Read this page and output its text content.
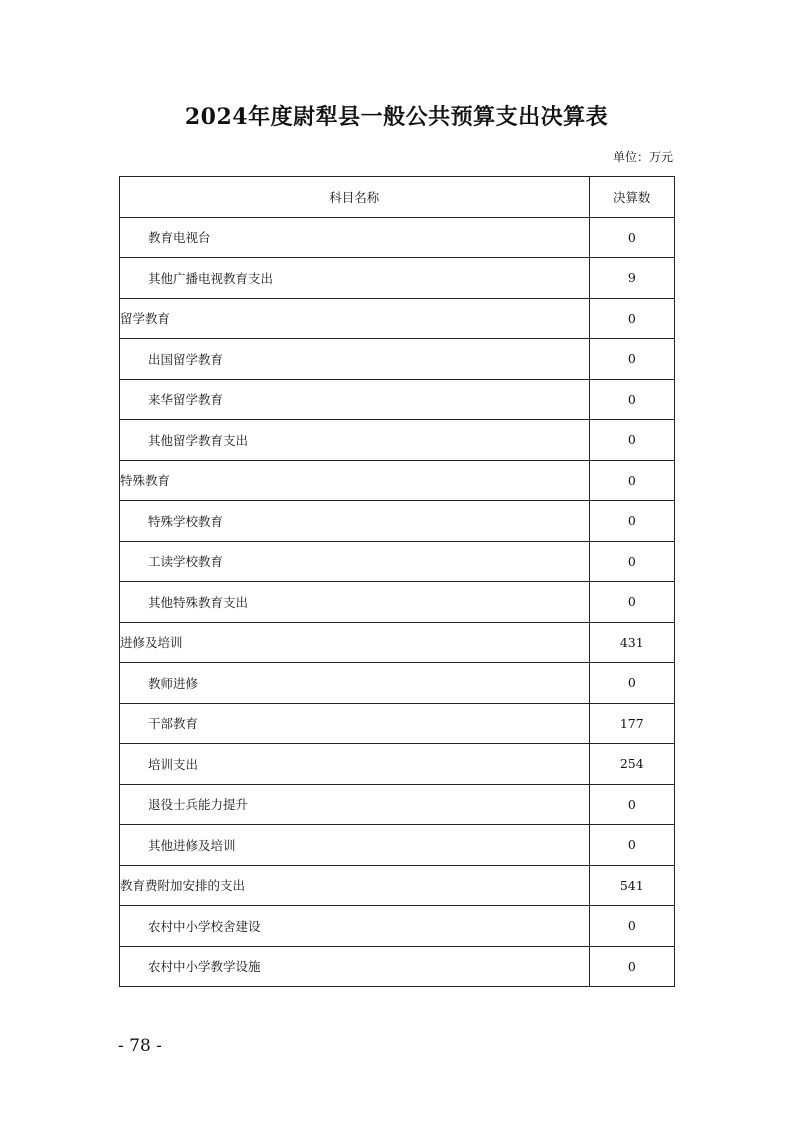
2024年度尉犁县一般公共预算支出决算表
单位：万元
科目名称	决算数
教育电视台	0
其他广播电视教育支出	9
留学教育	0
出国留学教育	0
来华留学教育	0
其他留学教育支出	0
特殊教育	0
特殊学校教育	0
工读学校教育	0
其他特殊教育支出	0
进修及培训	431
教师进修	0
干部教育	177
培训支出	254
退役士兵能力提升	0
其他进修及培训	0
教育费附加安排的支出	541
农村中小学校舍建设	0
农村中小学教学设施	0
- 78 -
